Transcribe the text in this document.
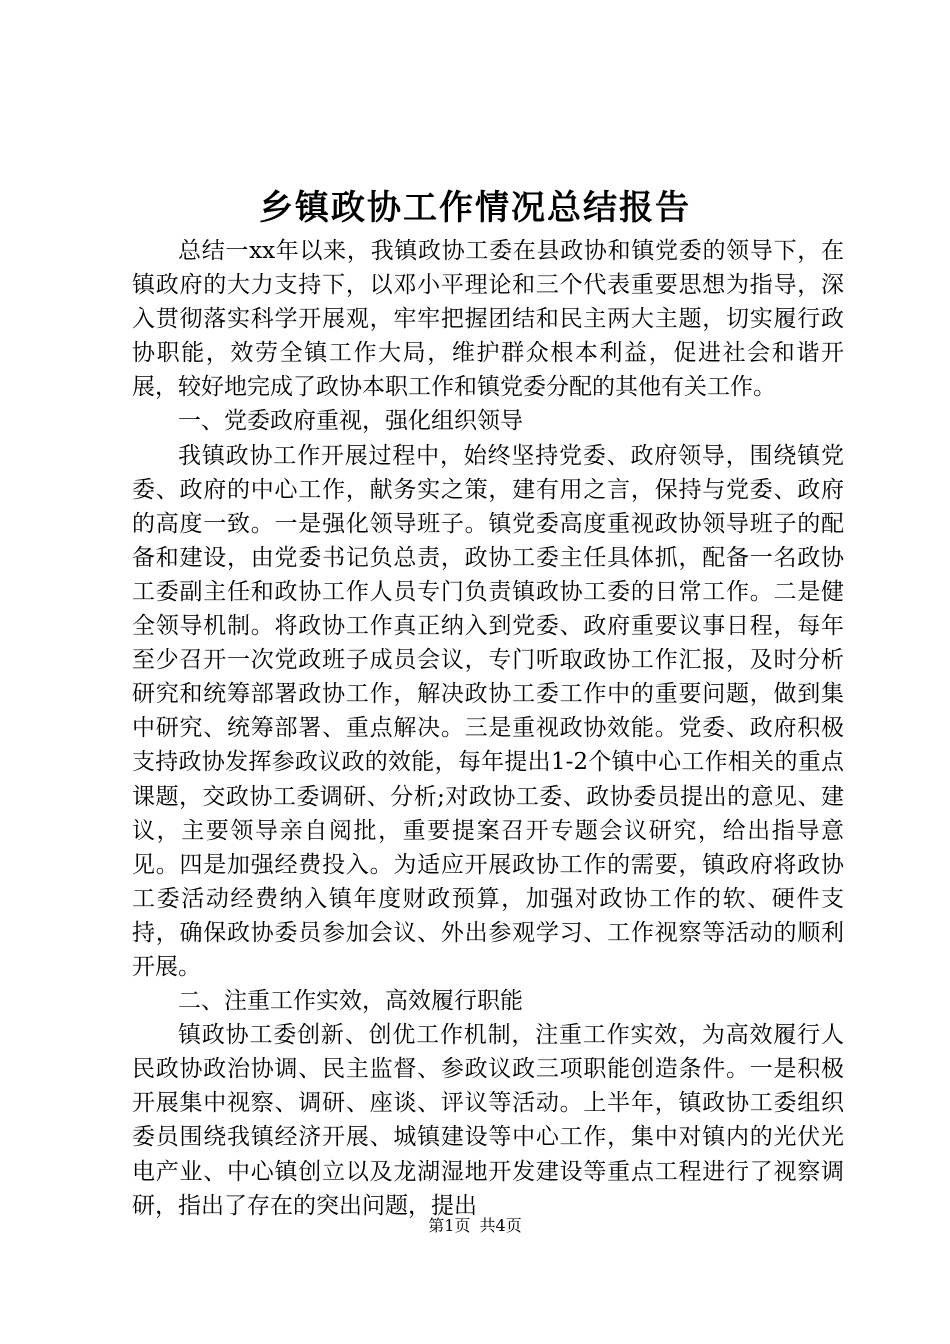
乡镇政协工作情况总结报告

总结一xx年以来，我镇政协工委在县政协和镇党委的领导下，在镇政府的大力支持下，以邓小平理论和三个代表重要思想为指导，深入贯彻落实科学开展观，牢牢把握团结和民主两大主题，切实履行政协职能，效劳全镇工作大局，维护群众根本利益，促进社会和谐开展，较好地完成了政协本职工作和镇党委分配的其他有关工作。

一、党委政府重视，强化组织领导

我镇政协工作开展过程中，始终坚持党委、政府领导，围绕镇党委、政府的中心工作，献务实之策，建有用之言，保持与党委、政府的高度一致。一是强化领导班子。镇党委高度重视政协领导班子的配备和建设，由党委书记负总责，政协工委主任具体抓，配备一名政协工委副主任和政协工作人员专门负责镇政协工委的日常工作。二是健全领导机制。将政协工作真正纳入到党委、政府重要议事日程，每年至少召开一次党政班子成员会议，专门听取政协工作汇报，及时分析研究和统筹部署政协工作，解决政协工委工作中的重要问题，做到集中研究、统筹部署、重点解决。三是重视政协效能。党委、政府积极支持政协发挥参政议政的效能，每年提出1-2个镇中心工作相关的重点课题，交政协工委调研、分析;对政协工委、政协委员提出的意见、建议，主要领导亲自阅批，重要提案召开专题会议研究，给出指导意见。四是加强经费投入。为适应开展政协工作的需要，镇政府将政协工委活动经费纳入镇年度财政预算，加强对政协工作的软、硬件支持，确保政协委员参加会议、外出参观学习、工作视察等活动的顺利开展。

二、注重工作实效，高效履行职能

镇政协工委创新、创优工作机制，注重工作实效，为高效履行人民政协政治协调、民主监督、参政议政三项职能创造条件。一是积极开展集中视察、调研、座谈、评议等活动。上半年，镇政协工委组织委员围绕我镇经济开展、城镇建设等中心工作，集中对镇内的光伏光电产业、中心镇创立以及龙湖湿地开发建设等重点工程进行了视察调研，指出了存在的突出问题，提出

第1页 共4页
